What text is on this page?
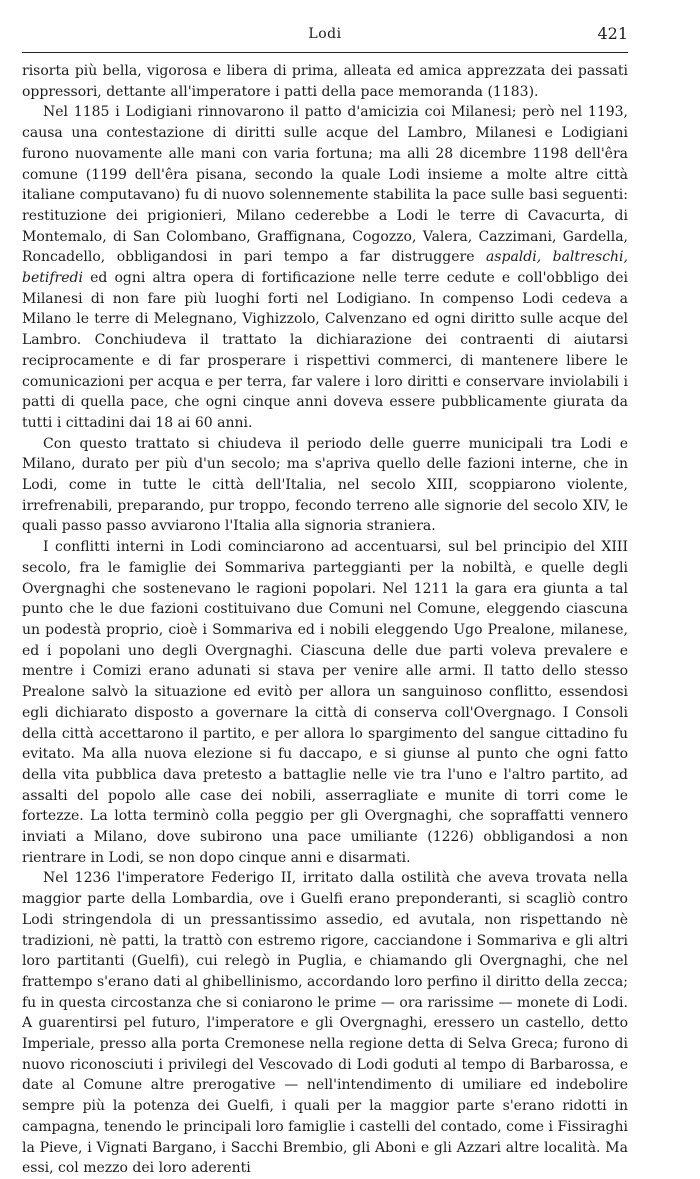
Lodi	421

risorta più bella, vigorosa e libera di prima, alleata ed amica apprezzata dei passati oppressori, dettante all'imperatore i patti della pace memoranda (1183).

Nel 1185 i Lodigiani rinnovarono il patto d'amicizia coi Milanesi; però nel 1193, causa una contestazione di diritti sulle acque del Lambro, Milanesi e Lodigiani furono nuovamente alle mani con varia fortuna; ma alli 28 dicembre 1198 dell'êra comune (1199 dell'êra pisana, secondo la quale Lodi insieme a molte altre città italiane computavano) fu di nuovo solennemente stabilita la pace sulle basi seguenti: restituzione dei prigionieri, Milano cederebbe a Lodi le terre di Cavacurta, di Montemalo, di San Colombano, Graffignana, Cogozzo, Valera, Cazzimani, Gardella, Roncadello, obbligandosi in pari tempo a far distruggere aspaldi, baltreschi, betifredi ed ogni altra opera di fortificazione nelle terre cedute e coll'obbligo dei Milanesi di non fare più luoghi forti nel Lodigiano. In compenso Lodi cedeva a Milano le terre di Melegnano, Vighizzolo, Calvenzano ed ogni diritto sulle acque del Lambro. Conchiudeva il trattato la dichiarazione dei contraenti di aiutarsi reciprocamente e di far prosperare i rispettivi commerci, di mantenere libere le comunicazioni per acqua e per terra, far valere i loro diritti e conservare inviolabili i patti di quella pace, che ogni cinque anni doveva essere pubblicamente giurata da tutti i cittadini dai 18 ai 60 anni.

Con questo trattato si chiudeva il periodo delle guerre municipali tra Lodi e Milano, durato per più d'un secolo; ma s'apriva quello delle fazioni interne, che in Lodi, come in tutte le città dell'Italia, nel secolo XIII, scoppiarono violente, irrefrenabili, preparando, pur troppo, fecondo terreno alle signorie del secolo XIV, le quali passo passo avviarono l'Italia alla signoria straniera.

I conflitti interni in Lodi cominciarono ad accentuarsi, sul bel principio del XIII secolo, fra le famiglie dei Sommariva parteggianti per la nobiltà, e quelle degli Overgnaghi che sostenevano le ragioni popolari. Nel 1211 la gara era giunta a tal punto che le due fazioni costituivano due Comuni nel Comune, eleggendo ciascuna un podestà proprio, cioè i Sommariva ed i nobili eleggendo Ugo Prealone, milanese, ed i popolani uno degli Overgnaghi. Ciascuna delle due parti voleva prevalere e mentre i Comizi erano adunati si stava per venire alle armi. Il tatto dello stesso Prealone salvò la situazione ed evitò per allora un sanguinoso conflitto, essendosi egli dichiarato disposto a governare la città di conserva coll'Overgnago. I Consoli della città accettarono il partito, e per allora lo spargimento del sangue cittadino fu evitato. Ma alla nuova elezione si fu daccapo, e si giunse al punto che ogni fatto della vita pubblica dava pretesto a battaglie nelle vie tra l'uno e l'altro partito, ad assalti del popolo alle case dei nobili, asserragliate e munite di torri come le fortezze. La lotta terminò colla peggio per gli Overgnaghi, che sopraffatti vennero inviati a Milano, dove subirono una pace umiliante (1226) obbligandosi a non rientrare in Lodi, se non dopo cinque anni e disarmati.

Nel 1236 l'imperatore Federigo II, irritato dalla ostilità che aveva trovata nella maggior parte della Lombardia, ove i Guelfi erano preponderanti, si scagliò contro Lodi stringendola di un pressantissimo assedio, ed avutala, non rispettando nè tradizioni, nè patti, la trattò con estremo rigore, cacciandone i Sommariva e gli altri loro partitanti (Guelfi), cui relegò in Puglia, e chiamando gli Overgnaghi, che nel frattempo s'erano dati al ghibellinismo, accordando loro perfino il diritto della zecca; fu in questa circostanza che si coniarono le prime — ora rarissime — monete di Lodi. A guarentirsi pel futuro, l'imperatore e gli Overgnaghi, eressero un castello, detto Imperiale, presso alla porta Cremonese nella regione detta di Selva Greca; furono di nuovo riconosciuti i privilegi del Vescovado di Lodi goduti al tempo di Barbarossa, e date al Comune altre prerogative — nell'intendimento di umiliare ed indebolire sempre più la potenza dei Guelfi, i quali per la maggior parte s'erano ridotti in campagna, tenendo le principali loro famiglie i castelli del contado, come i Fissiraghi la Pieve, i Vignati Bargano, i Sacchi Brembio, gli Aboni e gli Azzari altre località. Ma essi, col mezzo dei loro aderenti
